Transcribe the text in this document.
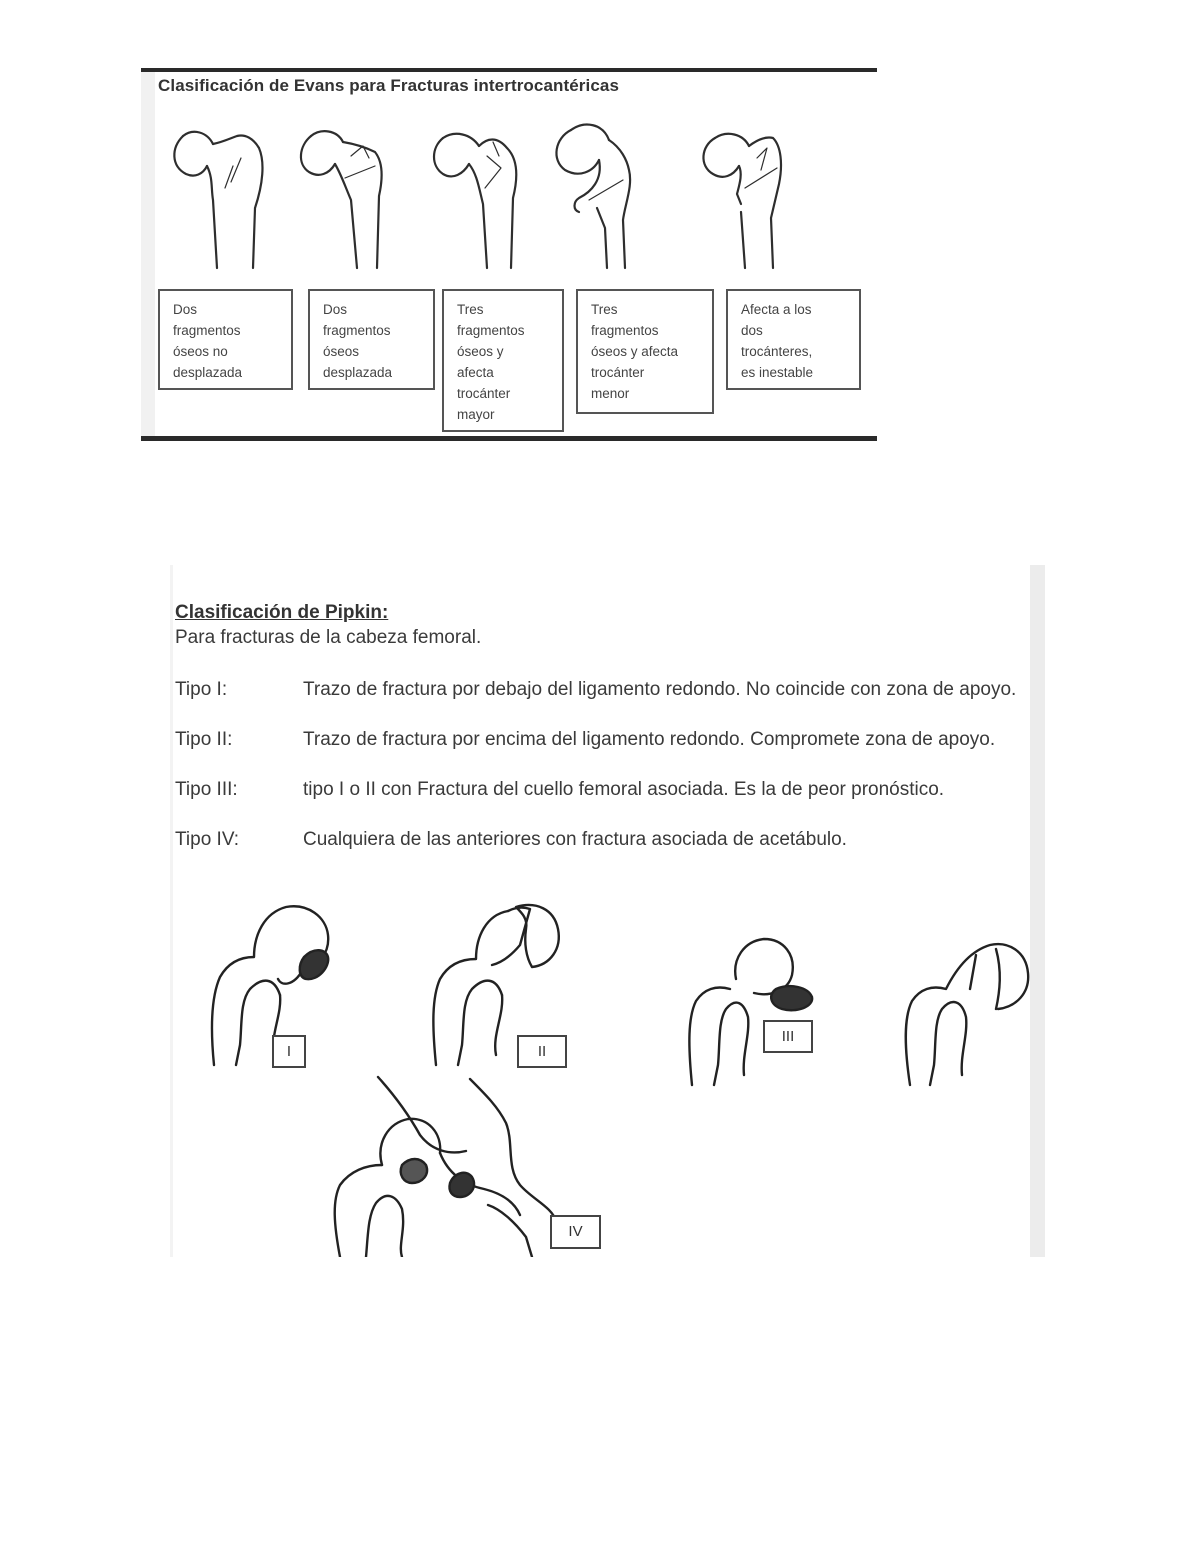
Clasificación de Evans para Fracturas intertrocantéricas
Dos
fragmentos
óseos no
desplazada
Dos
fragmentos
óseos
desplazada
Tres
fragmentos
óseos y
afecta
trocánter
mayor
Tres
fragmentos
óseos y afecta
trocánter
menor
Afecta a los
dos
trocánteres,
es inestable
Clasificación de Pipkin:
Para fracturas de la cabeza femoral.
Tipo I:	Trazo de fractura por debajo del ligamento redondo. No coincide con zona de apoyo.
Tipo II:	Trazo de fractura por encima del ligamento redondo. Compromete zona de apoyo.
Tipo III:	tipo I o II con Fractura del cuello femoral asociada. Es la de peor pronóstico.
Tipo IV:	Cualquiera de las anteriores con fractura asociada de acetábulo.
I	II
III
IV
